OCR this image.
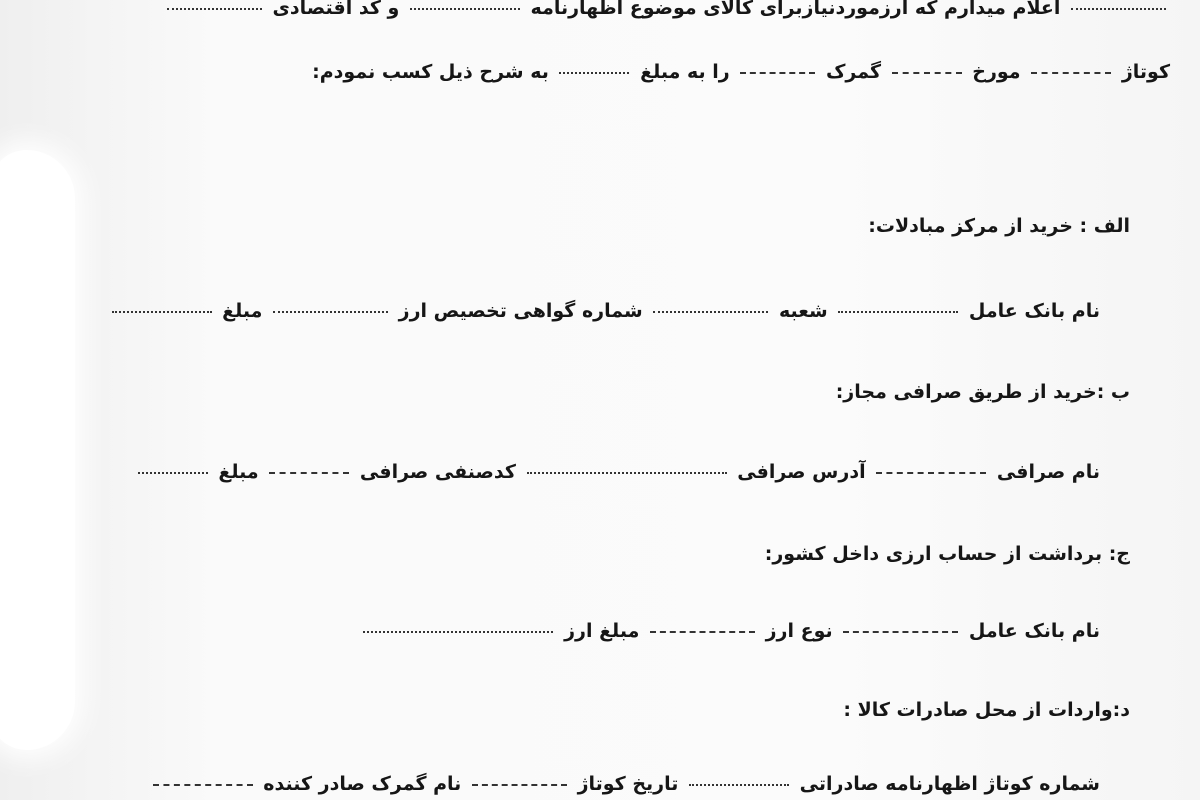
اعلام میدارم که ارزموردنیازبرای کالای موضوع اظهارنامه  و کد اقتصادی
کوتاژ  مورخ  گمرک  را به مبلغ  به شرح ذیل کسب نمودم:
الف : خرید از مرکز مبادلات:
نام بانک عامل  شعبه  شماره گواهی تخصیص ارز  مبلغ
ب :خرید از طریق صرافی مجاز:
نام صرافی  آدرس صرافی  کدصنفی صرافی  مبلغ
ج: برداشت از حساب ارزی داخل کشور:
نام بانک عامل  نوع ارز  مبلغ ارز
د:واردات از محل صادرات کالا :
شماره کوتاژ اظهارنامه صادراتی  تاریخ کوتاژ  نام گمرک صادر کننده
